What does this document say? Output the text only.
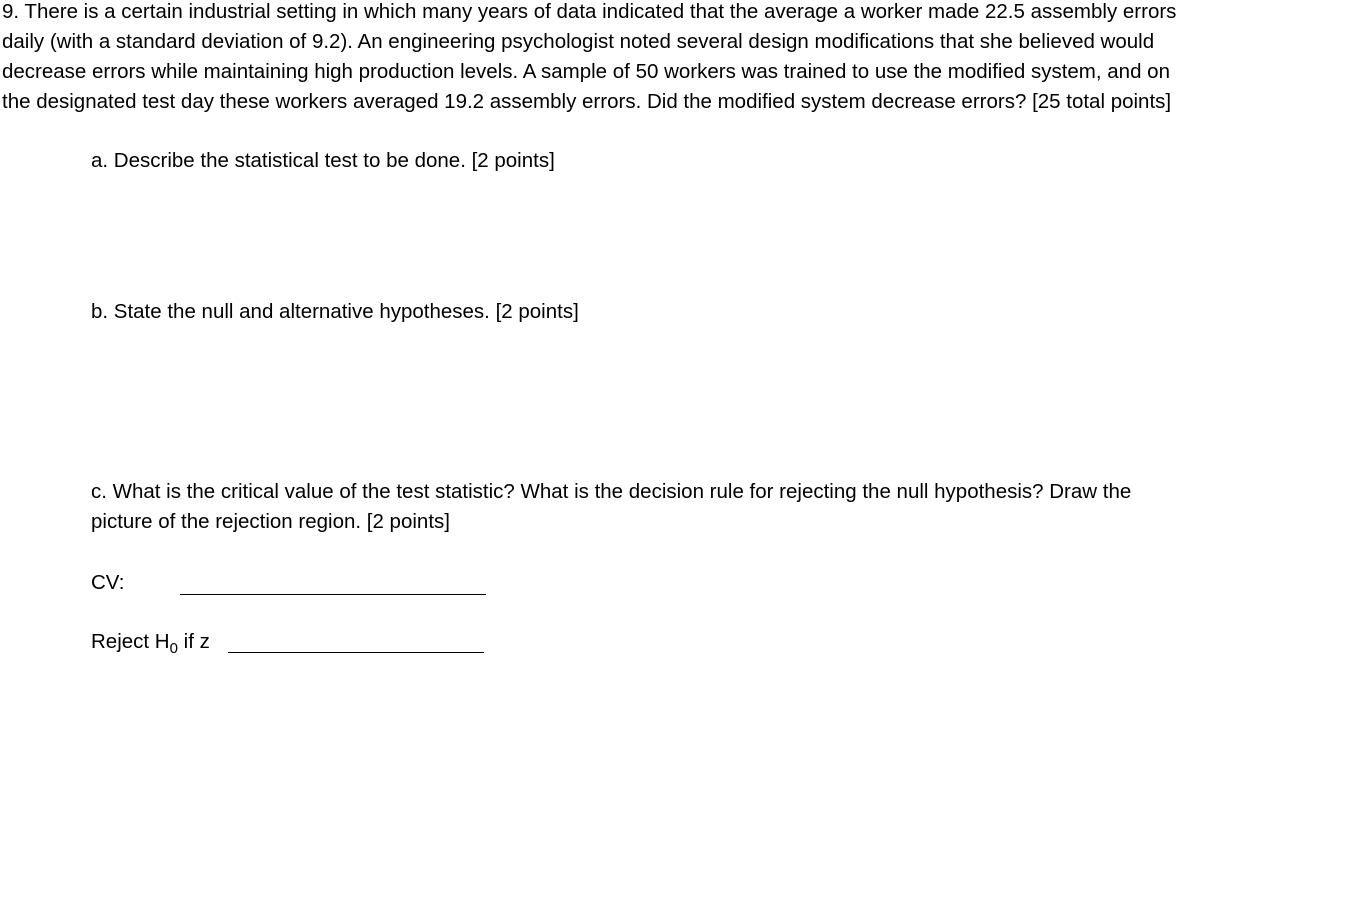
9. There is a certain industrial setting in which many years of data indicated that the average a worker made 22.5 assembly errors
daily (with a standard deviation of 9.2). An engineering psychologist noted several design modifications that she believed would
decrease errors while maintaining high production levels. A sample of 50 workers was trained to use the modified system, and on
the designated test day these workers averaged 19.2 assembly errors. Did the modified system decrease errors? [25 total points]
a. Describe the statistical test to be done. [2 points]
b. State the null and alternative hypotheses. [2 points]
c. What is the critical value of the test statistic? What is the decision rule for rejecting the null hypothesis? Draw the
picture of the rejection region. [2 points]
CV:
Reject $H_0$ if z
